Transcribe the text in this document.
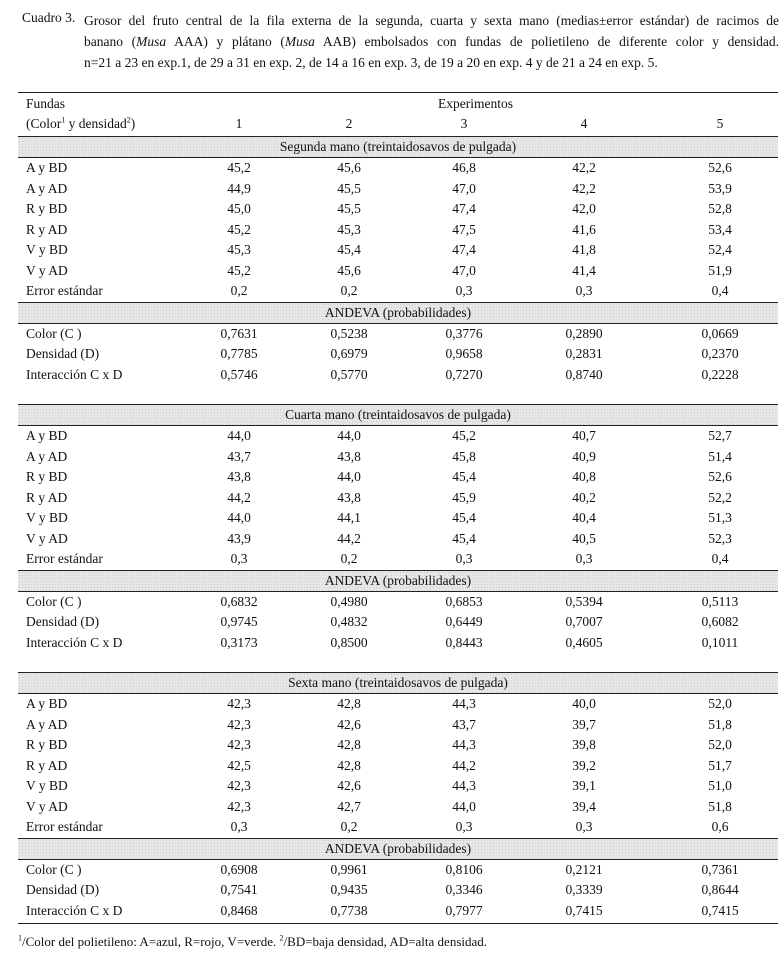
Cuadro 3. Grosor del fruto central de la fila externa de la segunda, cuarta y sexta mano (medias±error estándar) de racimos de
banano (Musa AAA) y plátano (Musa AAB) embolsados con fundas de polietileno de diferente color y densidad.
n=21 a 23 en exp.1, de 29 a 31 en exp. 2, de 14 a 16 en exp. 3, de 19 a 20 en exp. 4 y de 21 a 24 en exp. 5.
Fundas
(Color$^1$ y densidad$^2$)
Experimentos
1	2	3	4	5
Segunda mano (treintaidosavos de pulgada)
A y BD	45,2	45,6	46,8	42,2	52,6
A y AD	44,9	45,5	47,0	42,2	53,9
R y BD	45,0	45,5	47,4	42,0	52,8
R y AD	45,2	45,3	47,5	41,6	53,4
V y BD	45,3	45,4	47,4	41,8	52,4
V y AD	45,2	45,6	47,0	41,4	51,9
Error estándar	0,2	0,2	0,3	0,3	0,4
ANDEVA (probabilidades)
Color (C )	0,7631	0,5238	0,3776	0,2890	0,0669
Densidad (D)	0,7785	0,6979	0,9658	0,2831	0,2370
Interacción C x D	0,5746	0,5770	0,7270	0,8740	0,2228
Cuarta mano (treintaidosavos de pulgada)
A y BD	44,0	44,0	45,2	40,7	52,7
A y AD	43,7	43,8	45,8	40,9	51,4
R y BD	43,8	44,0	45,4	40,8	52,6
R y AD	44,2	43,8	45,9	40,2	52,2
V y BD	44,0	44,1	45,4	40,4	51,3
V y AD	43,9	44,2	45,4	40,5	52,3
Error estándar	0,3	0,2	0,3	0,3	0,4
ANDEVA (probabilidades)
Color (C )	0,6832	0,4980	0,6853	0,5394	0,5113
Densidad (D)	0,9745	0,4832	0,6449	0,7007	0,6082
Interacción C x D	0,3173	0,8500	0,8443	0,4605	0,1011
Sexta mano (treintaidosavos de pulgada)
A y BD	42,3	42,8	44,3	40,0	52,0
A y AD	42,3	42,6	43,7	39,7	51,8
R y BD	42,3	42,8	44,3	39,8	52,0
R y AD	42,5	42,8	44,2	39,2	51,7
V y BD	42,3	42,6	44,3	39,1	51,0
V y AD	42,3	42,7	44,0	39,4	51,8
Error estándar	0,3	0,2	0,3	0,3	0,6
ANDEVA (probabilidades)
Color (C )	0,6908	0,9961	0,8106	0,2121	0,7361
Densidad (D)	0,7541	0,9435	0,3346	0,3339	0,8644
Interacción C x D	0,8468	0,7738	0,7977	0,7415	0,7415
$^1$/Color del polietileno: A=azul, R=rojo, V=verde. $^2$/BD=baja densidad, AD=alta densidad.
